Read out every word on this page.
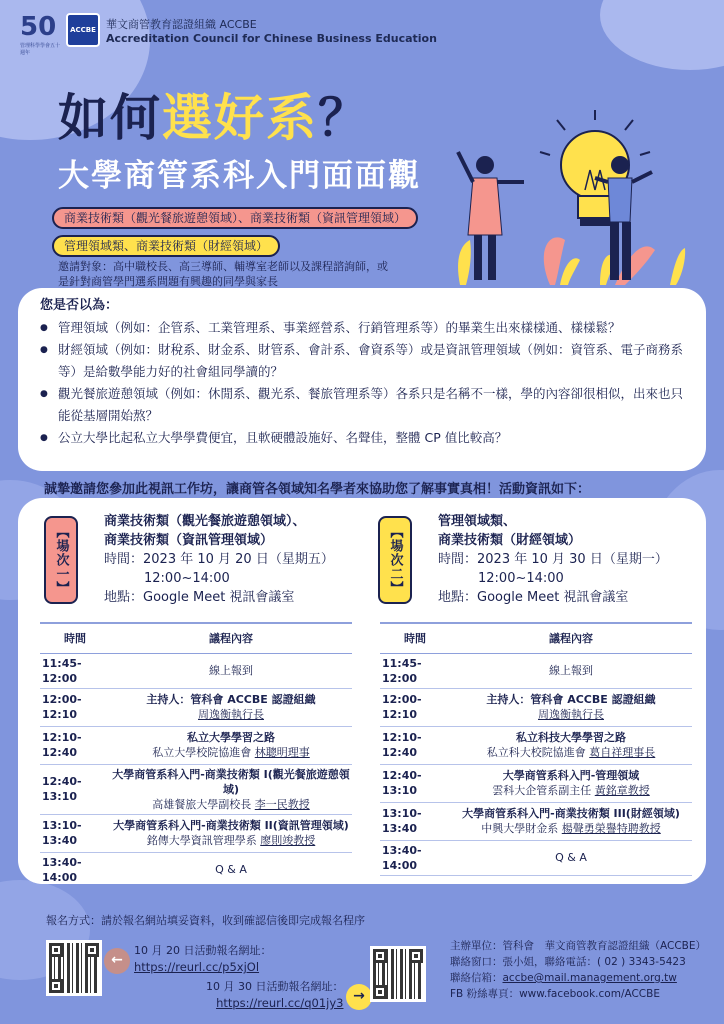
50
管理科學學會五十週年
ACCBE 華文商管教育認證組織 ACCBE
Accreditation Council for Chinese Business Education
如何選好系？
大學商管系科入門面面觀
商業技術類（觀光餐旅遊憩領域）、商業技術類（資訊管理領域）
管理領域類、商業技術類（財經領域）
邀請對象：高中職校長、高三導師、輔導室老師以及課程諮詢師，或
是針對商管學門選系問題有興趣的同學與家長
您是否以為：
● 管理領域（例如：企管系、工業管理系、事業經營系、行銷管理系等）的畢業生出來樣樣通、樣樣鬆？
● 財經領域（例如：財稅系、財金系、財管系、會計系、會資系等）或是資訊管理領域（例如：資管系、電子商務系等）是給數學能力好的社會組同學讀的？
● 觀光餐旅遊憩領域（例如：休閒系、觀光系、餐旅管理系等）各系只是名稱不一樣，學的內容卻很相似，出來也只能從基層開始熬？
● 公立大學比起私立大學學費便宜，且軟硬體設施好、名聲佳，整體 CP 值比較高？
誠摯邀請您參加此視訊工作坊，讓商管各領域知名學者來協助您了解事實真相！活動資訊如下：
【場次一】
商業技術類（觀光餐旅遊憩領域）、
商業技術類（資訊管理領域）
時間：2023 年 10 月 20 日（星期五）
12:00~14:00
地點：Google Meet 視訊會議室
【場次二】
管理領域類、
商業技術類（財經領域）
時間：2023 年 10 月 30 日（星期一）
12:00~14:00
地點：Google Meet 視訊會議室
時間	議程內容
11:45-12:00	線上報到

12:00-12:10	主持人：管科會 ACCBE 認證組織
周逸衡執行長

12:10-12:40	私立大學學習之路
私立大學校院協進會 林聰明理事

12:40-13:10	大學商管系科入門-商業技術類 I(觀光餐旅遊憩領域)
高雄餐旅大學副校長 李一民教授

13:10-13:40	大學商管系科入門-商業技術類 II(資訊管理領域)
銘傳大學資訊管理學系 廖則竣教授

13:40-14:00	Q & A
時間	議程內容
11:45-12:00	線上報到

12:00-12:10	主持人：管科會 ACCBE 認證組織
周逸衡執行長

12:10-12:40	私立科技大學學習之路
私立科大校院協進會 葛自祥理事長

12:40-13:10	大學商管系科入門-管理領域
雲科大企管系副主任 黃銘章教授

13:10-13:40	大學商管系科入門-商業技術類 III(財經領域)
中興大學財金系 楊聲勇榮譽特聘教授

13:40-14:00	Q & A
報名方式：請於報名網站填妥資料，收到確認信後即完成報名程序
←
10 月 20 日活動報名網址：
https://reurl.cc/p5xjOl
10 月 30 日活動報名網址：
https://reurl.cc/q01jy3 →
主辦單位：管科會　華文商管教育認證組織（ACCBE）
聯絡窗口：張小姐，聯絡電話：( 02 ) 3343-5423
聯絡信箱：accbe@mail.management.org.tw
FB 粉絲專頁：www.facebook.com/ACCBE
